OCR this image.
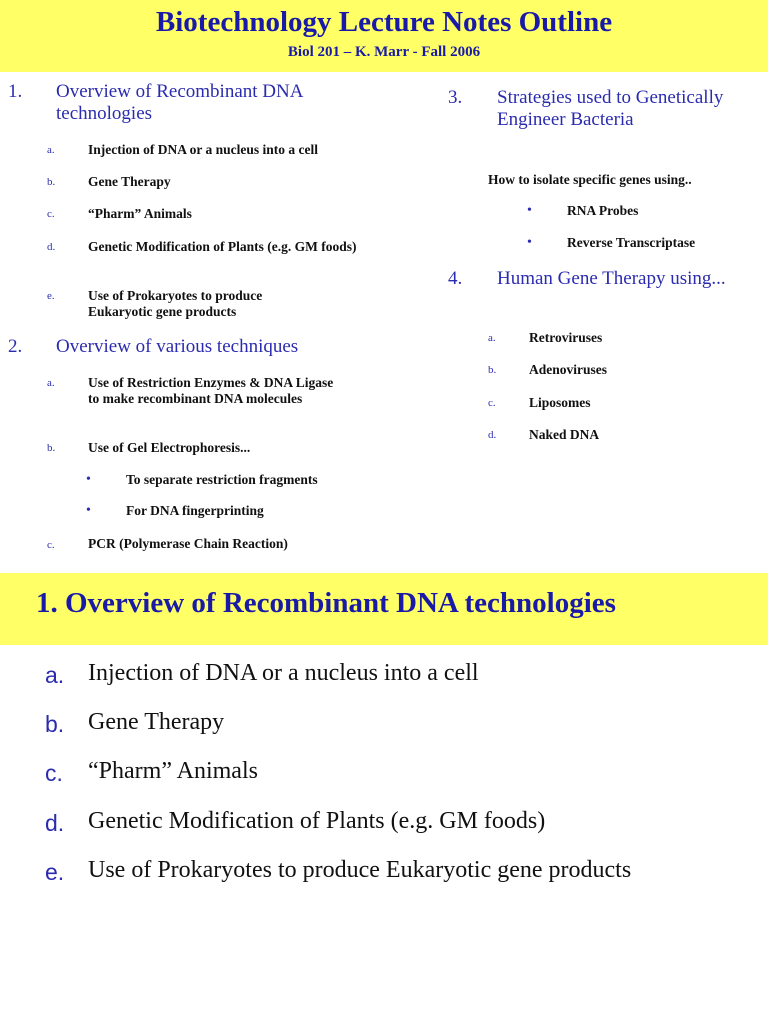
Biotechnology Lecture Notes Outline
Biol 201 – K. Marr - Fall 2006
1. Overview of Recombinant DNA technologies
a. Injection of DNA or a nucleus into a cell
b. Gene Therapy
c. “Pharm” Animals
d. Genetic Modification of Plants (e.g. GM foods)
e. Use of Prokaryotes to produce Eukaryotic gene products
2. Overview of various techniques
a. Use of Restriction Enzymes & DNA Ligase to make recombinant DNA molecules
b. Use of Gel Electrophoresis...
•	To separate restriction fragments
•	For DNA fingerprinting
c. PCR (Polymerase Chain Reaction)
3. Strategies used to Genetically Engineer Bacteria
How to isolate specific genes using..
•	RNA Probes
•	Reverse Transcriptase
4. Human Gene Therapy using...
a. Retroviruses
b. Adenoviruses
c. Liposomes
d. Naked DNA
1. Overview of Recombinant DNA technologies
a. Injection of DNA or a nucleus into a cell
b. Gene Therapy
c. “Pharm” Animals
d. Genetic Modification of Plants (e.g. GM foods)
e. Use of Prokaryotes to produce Eukaryotic gene products
